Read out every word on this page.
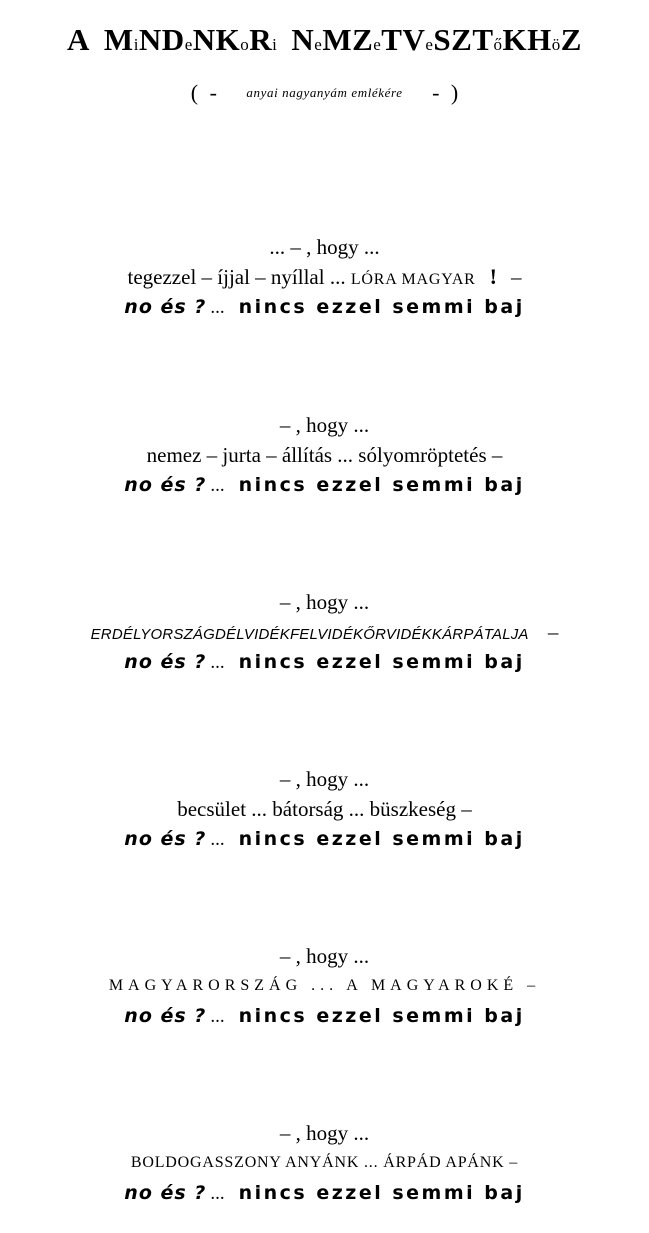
A MiNDeNKoRi NeMZeTVeSZTőKHöZ
( - anyai nagyanyám emlékére - )
... – , hogy ...
tegezzel – íjjal – nyíllal ... LÓRA MAGYAR ! –
no és ? ... nincs ezzel semmi baj
– , hogy ...
nemez – jurta – állítás ... sólyomröptetés –
no és ? ... nincs ezzel semmi baj
– , hogy ...
ERDÉLYORSZÁGDÉLVIDÉKFELVIDÉKŐRVIDÉKKÁRPÁTALJA –
no és ? ... nincs ezzel semmi baj
– , hogy ...
becsület ... bátorság ... büszkeség –
no és ? ... nincs ezzel semmi baj
– , hogy ...
MAGYARORSZÁG ... A MAGYAROKÉ –
no és ? ... nincs ezzel semmi baj
– , hogy ...
BOLDOGASSZONY ANYÁNK ... ÁRPÁD APÁNK –
no és ? ... nincs ezzel semmi baj
